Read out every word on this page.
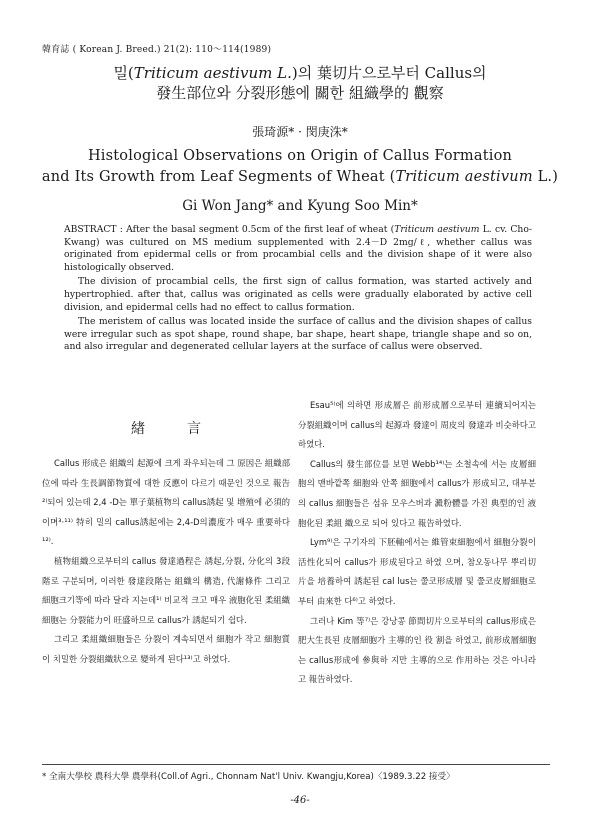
韓育誌 ( Korean J. Breed.) 21(2): 110～114(1989)
밀(Triticum aestivum L.)의 葉切片으로부터 Callus의
發生部位와 分裂形態에 關한 組織學的 觀察
張琦源* · 閔庚洙*
Histological Observations on Origin of Callus Formation
and Its Growth from Leaf Segments of Wheat (Triticum aestivum L.)
Gi Won Jang* and Kyung Soo Min*

ABSTRACT : After the basal segment 0.5cm of the first leaf of wheat (Triticum aestivum L. cv. Cho-Kwang) was cultured on MS medium supplemented with 2.4－D 2mg/ℓ, whether callus was originated from epidermal cells or from procambial cells and the division shape of it were also histologically observed.

The division of procambial cells, the first sign of callus formation, was started actively and hypertrophied. after that, callus was originated as cells were gradually elaborated by active cell division, and epidermal cells had no effect to callus formation.

The meristem of callus was located inside the surface of callus and the division shapes of callus were irregular such as spot shape, round shape, bar shape, heart shape, triangle shape and so on, and also irregular and degenerated cellular layers at the surface of callus were observed.

緖　　　言

Callus 形成은 組織의 起源에 크게 좌우되는데 그 原因은 組織部位에 따라 生長調節物質에 대한 反應이 다르기 때문인 것으로 報告²⁾되어 있는데 2,4 -D는 單子葉植物의 callus誘起 및 增殖에 必須的 이며³·¹¹⁾ 特히 밀의 callus誘起에는 2,4-D의濃度가 매우 重要하다¹²⁾.

植物組織으로부터의 callus 發達過程은 誘起,分裂, 分化의 3段階로 구분되며, 이러한 發達段階는 組織의 構造, 代謝條件 그리고 細胞크기等에 따라 달라 지는데¹⁾ 비교적 크고 매우 液胞化된 柔組織細胞는 分裂能力이 旺盛하므로 callus가 誘起되기 쉽다.

그리고 柔組織細胞들은 分裂이 계속되면서 細胞가 작고 細胞質이 치밀한 分裂組織狀으로 變하게 된다¹³⁾고 하였다.

Esau⁵⁾에 의하면 形成層은 前形成層으로부터 連續되어지는 分裂組織이며 callus의 起源과 發達이 周皮의 發達과 비슷하다고 하였다.

Callus의 發生部位를 보면 Webb¹⁴⁾는 소철속에 서는 皮層細胞의 맨바깥쪽 細胞와 안쪽 細胞에서 callus가 形成되고, 대부분의 callus 細胞들은 섬유 모우스버과 澱粉體를 가진 典型的인 液胞化된 柔組 織으로 되어 있다고 報告하였다.

Lym⁹⁾은 구기자의 下胚軸에서는 維管束細胞에서 細胞分裂이 活性化되어 callus가 形成된다고 하였 으며, 참오동나무 뿌리切片을 培養하여 誘起된 cal lus는 쭐코形成層 및 쭐코皮層細胞로부터 由來한 다⁶⁾고 하였다.

그러나 Kim 等⁷⁾은 강낭콩 節間切片으로부터의 callus形成은 肥大生長된 皮層細胞가 主導的인 役 割을 하였고, 前形成層細胞는 callus形成에 參與하 지만 主導的으로 作用하는 것은 아니라고 報告하였다.

* 全南大學校 農科大學 農學科(Coll.of Agri., Chonnam Nat'l Univ. Kwangju,Korea)〈1989.3.22 接受〉
-46-
